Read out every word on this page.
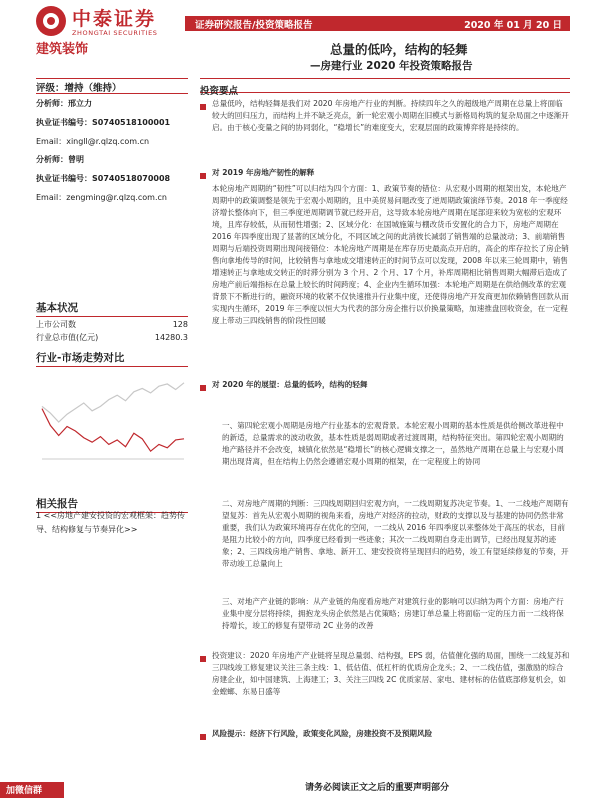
中泰证券
ZHONGTAI SECURITIES
证券研究报告/投资策略报告	2020 年 01 月 20 日
建筑装饰	总量的低吟，结构的轻舞
—房建行业 2020 年投资策略报告
评级：增持（维持）
分析师：邢立力
执业证书编号：S0740518100001
Email：xingll@r.qlzq.com.cn
分析师：曾明
执业证书编号：S0740518070008
Email：zengming@r.qlzq.com.cn
基本状况
上市公司数	128
行业总市值(亿元)	14280.3
行业-市场走势对比
相关报告
1 <<房地产建安投资的宏观框架：趋势传导、结构修复与节奏异化>>
投资要点
总量低吟，结构轻舞是我们对 2020 年房地产行业的判断。持续四年之久的超级地产周期在总量上将面临较大的回归压力，而结构上并不缺乏亮点，新一轮宏观小周期在旧模式与新格局构筑的复杂局面之中逐渐开启。由于核心变量之间的协同弱化，“稳增长”的难度变大，宏观层面的政策博弈将是持续的。
对 2019 年房地产韧性的解释
本轮房地产周期的“韧性”可以归结为四个方面：1、政策节奏的错位：从宏观小周期的框架出发，本轮地产周期中的政策调整是领先于宏观小周期的，且中美贸易问题改变了逆周期政策演绎节奏。2018 年一季度经济增长整体向下，但三季度逆周期调节就已经开启，这导致本轮房地产周期在尾部迎来较为宽松的宏观环境，且库存较低，从而韧性增强；2、区域分化：在国城施策与棚改货币安置化的合力下，房地产周期在 2016 年四季度出现了显著的区域分化，不同区域之间的此消彼长减弱了销售端的总量波动；3、前端销售周期与后端投资周期出现间接错位：本轮房地产周期是在库存历史最高点开启的，高企的库存拉长了房企销售向拿地传导的时间，比较销售与拿地成交增速转正的时间节点可以发现，2008 年以来三轮周期中，销售增速转正与拿地成交转正的时滞分别为 3 个月、2 个月、17 个月，补库周期相比销售周期大幅滞后造成了房地产前后端指标在总量上较长的时间跨度；4、企业内生循环加强：本轮地产周期是在供给侧改革的宏观背景下不断进行的，融资环境的收紧不仅快速推升行业集中度，还使得房地产开发商更加依赖销售回款从而实现内生循环，2019 年三季度以恒大为代表的部分房企推行以价换量策略，加速推盘回收资金，在一定程度上带动三四线销售的阶段性回暖
对 2020 年的展望：总量的低吟，结构的轻舞
一、第四轮宏观小周期是房地产行业基本的宏观背景。本轮宏观小周期的基本性质是供给侧改革进程中的新适，总量需求的波动收敛，基本性质是弱周期或者过渡周期，结构特征突出。第四轮宏观小周期的地产路径并不会改变，城镇化依然是“稳增长”的核心逻辑支撑之一，虽然地产周期在总量上与宏观小周期出现背离，但在结构上仍然会遵循宏观小周期的框架，在一定程度上的协同
二、对房地产周期的判断：三四线周期回归宏观方向，一二线周期复苏决定节奏。1、一二线地产周期有望复苏：首先从宏观小周期的视角来看，房地产对经济的拉动，财政的支撑以及与基建的协同仍然非常重要，我们认为政策环境再存在优化的空间，一二线从 2016 年四季度以来整体处于高压的状态，目前是阻力比较小的方向，四季度已经看到一些迹象；其次一二线周期自身走出调节，已经出现复苏的迹象；2、三四线房地产销售、拿地、新开工、建安投资将呈现回归的趋势，竣工有望延续修复的节奏，开带动竣工总量向上
三、对地产产业链的影响：从产业链的角度看房地产对建筑行业的影响可以归纳为两个方面：房地产行业集中度分层将持续，拥抱龙头房企依然是占优策略；房建订单总量上将面临一定的压力而一二线将保持增长，竣工的修复有望带动 2C 业务的改善
投资建议：2020 年房地产产业链将呈现总量弱、结构强，EPS 弱，估值催化强的局面，围绕一二线复苏和三四线竣工修复建议关注三条主线：1、低估值、低杠杆的优质房企龙头；2、一二线估值，强激励的综合房建企业，如中国建筑、上海建工；3、关注三四线 2C 优质家居、家电、建材标的估值底部修复机会，如金螳螂、东易日盛等
风险提示：经济下行风险，政策变化风险，房建投资不及预期风险
加微信群	请务必阅读正文之后的重要声明部分
